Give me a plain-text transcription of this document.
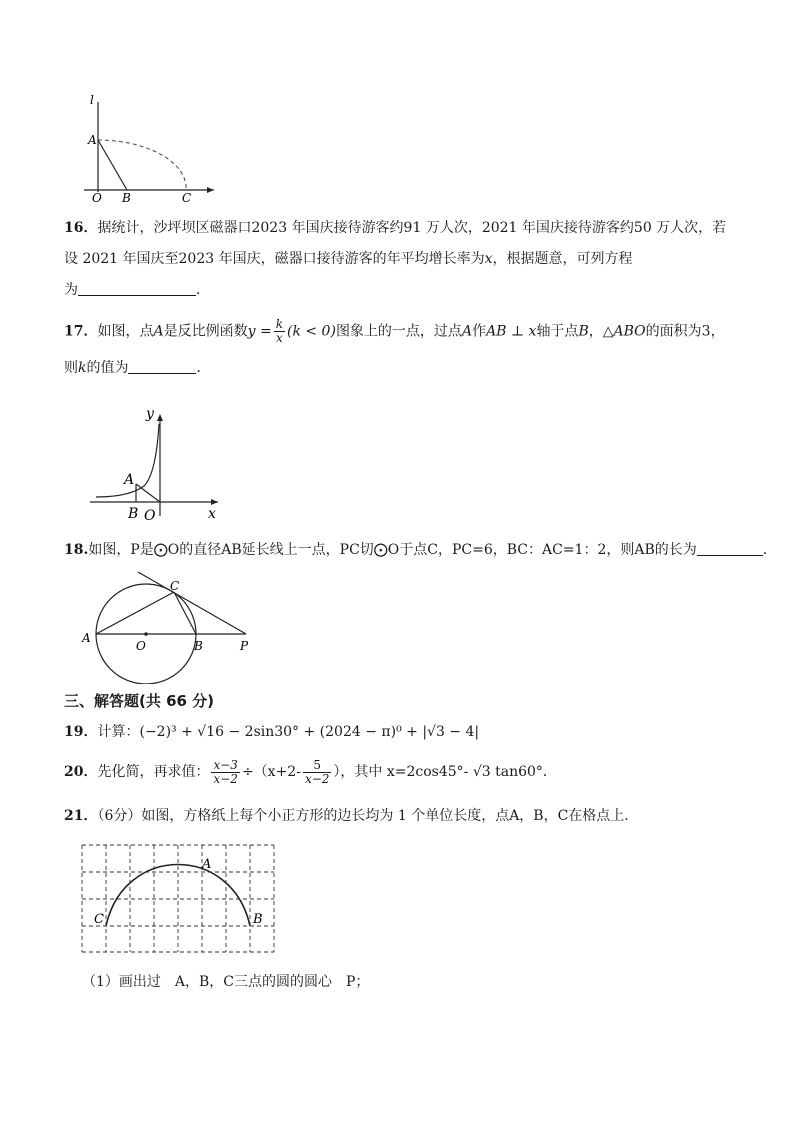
l
A
O B	C
16．据统计，沙坪坝区磁器口2023 年国庆接待游客约91 万人次，2021 年国庆接待游客约50 万人次，若
设 2021 年国庆至2023 年国庆，磁器口接待游客的年平均增长率为x，根据题意，可列方程
为	．
17．如图，点A是反比例函数$y = \frac{k}{x} (k < 0)$图象上的一点，过点A作AB ⊥ x轴于点B，△ABO的面积为3，
则k的值为	．
y
x
A
B O
18.如图，P是⨀O的直径AB延长线上一点，PC切⨀O于点C，PC=6，BC：AC=1：2，则AB的长为	．
A
O	B
C
P
三、解答题(共 66 分)
19．计算：(−2)³ + √16 − 2sin30° + (2024 − π)⁰ + |√3 − 4|
20．先化简，再求值： $\frac{x-3}{x-2} \div(x+2- \frac{5}{x-2}$ ），其中 x=2cos45°- √3 tan60°．
21．（6分）如图，方格纸上每个小正方形的边长均为 1 个单位长度，点A，B，C在格点上．
A
C	B
（1）画出过　A，B，C三点的圆的圆心　P；
